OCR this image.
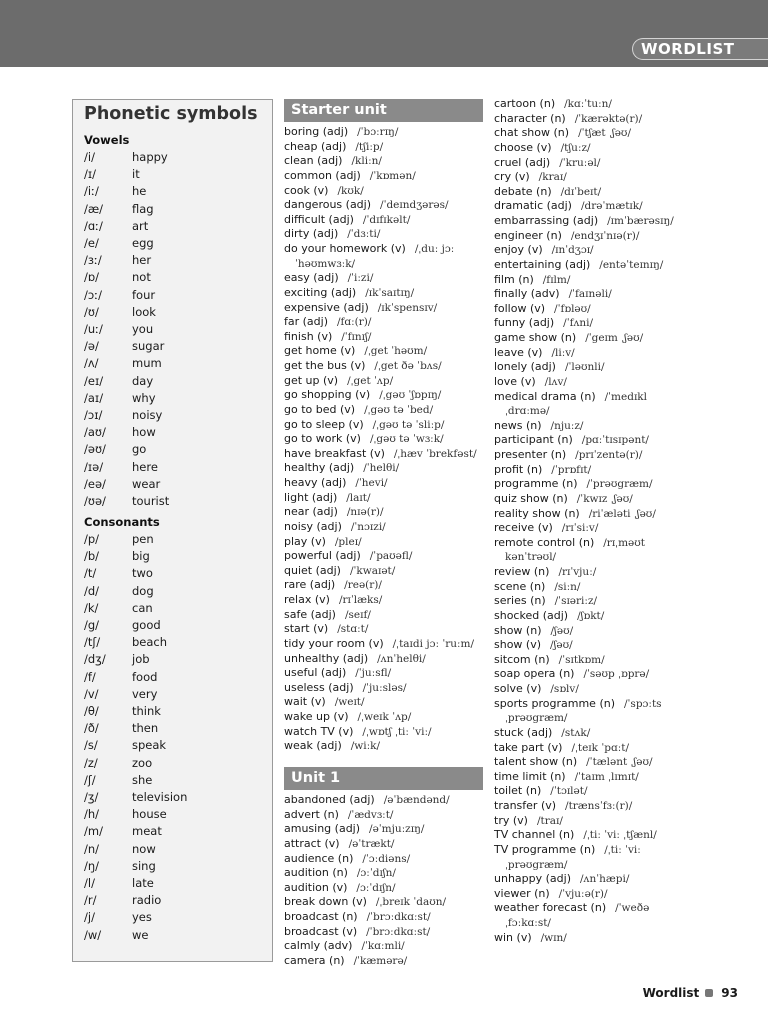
WORDLIST
Phonetic symbols
Vowels
/i/	happy
/ɪ/	it
/iː/	he
/æ/	flag
/ɑː/	art
/e/	egg
/ɜː/	her
/ɒ/	not
/ɔː/	four
/ʊ/	look
/uː/	you
/ə/	sugar
/ʌ/	mum
/eɪ/	day
/aɪ/	why
/ɔɪ/	noisy
/aʊ/ how
/əʊ/ go
/ɪə/	here
/eə/ wear
/ʊə/ tourist
Consonants
/p/	pen
/b/	big
/t/	two
/d/	dog
/k/	can
/g/	good
/tʃ/	beach
/dʒ/ job
/f/	food
/v/	very
/θ/	think
/ð/	then
/s/	speak
/z/	zoo
/ʃ/	she
/ʒ/	television
/h/	house
/m/	meat
/n/	now
/ŋ/	sing
/l/	late
/r/	radio
/j/	yes
/w/	we
Starter unit
boring (adj) /ˈbɔːrɪŋ/
cheap (adj) /tʃiːp/
clean (adj) /kliːn/
common (adj) /ˈkɒmən/
cook (v) /kʊk/
dangerous (adj) /ˈdeɪndʒərəs/
difficult (adj) /ˈdɪfɪkəlt/
dirty (adj) /ˈdɜːti/
do your homework (v) /ˌduː jɔː
ˈhəʊmwɜːk/
easy (adj) /ˈiːzi/
exciting (adj) /ɪkˈsaɪtɪŋ/
expensive (adj) /ɪkˈspensɪv/
far (adj) /fɑː(r)/
finish (v) /ˈfɪnɪʃ/
get home (v) /ˌget ˈhəʊm/
get the bus (v) /ˌget ðə ˈbʌs/
get up (v) /ˌget ˈʌp/
go shopping (v) /ˌgəʊ ˈʃɒpɪŋ/
go to bed (v) /ˌgəʊ tə ˈbed/
go to sleep (v) /ˌgəʊ tə ˈsliːp/
go to work (v) /ˌgəʊ tə ˈwɜːk/
have breakfast (v) /ˌhæv ˈbrekfəst/
healthy (adj) /ˈhelθi/
heavy (adj) /ˈhevi/
light (adj) /laɪt/
near (adj) /nɪə(r)/
noisy (adj) /ˈnɔɪzi/
play (v) /pleɪ/
powerful (adj) /ˈpaʊəfl/
quiet (adj) /ˈkwaɪət/
rare (adj) /reə(r)/
relax (v) /rɪˈlæks/
safe (adj) /seɪf/
start (v) /stɑːt/
tidy your room (v) /ˌtaɪdi jɔː ˈruːm/
unhealthy (adj) /ʌnˈhelθi/
useful (adj) /ˈjuːsfl/
useless (adj) /ˈjuːsləs/
wait (v) /weɪt/
wake up (v) /ˌweɪk ˈʌp/
watch TV (v) /ˌwɒtʃ ˌtiː ˈviː/
weak (adj) /wiːk/
Unit 1
abandoned (adj) /əˈbændənd/
advert (n) /ˈædvɜːt/
amusing (adj) /əˈmjuːzɪŋ/
attract (v) /əˈtrækt/
audience (n) /ˈɔːdiəns/
audition (n) /ɔːˈdɪʃn/
audition (v) /ɔːˈdɪʃn/
break down (v) /ˌbreɪk ˈdaʊn/
broadcast (n) /ˈbrɔːdkɑːst/
broadcast (v) /ˈbrɔːdkɑːst/
calmly (adv) /ˈkɑːmli/
camera (n) /ˈkæmərə/
cartoon (n) /kɑːˈtuːn/
character (n) /ˈkærəktə(r)/
chat show (n) /ˈtʃæt ˌʃəʊ/
choose (v) /tʃuːz/
cruel (adj) /ˈkruːəl/
cry (v) /kraɪ/
debate (n) /dɪˈbeɪt/
dramatic (adj) /drəˈmætɪk/
embarrassing (adj) /ɪmˈbærəsɪŋ/
engineer (n) /endʒɪˈnɪə(r)/
enjoy (v) /ɪnˈdʒɔɪ/
entertaining (adj) /entəˈteɪnɪŋ/
film (n) /fɪlm/
finally (adv) /ˈfaɪnəli/
follow (v) /ˈfɒləʊ/
funny (adj) /ˈfʌni/
game show (n) /ˈgeɪm ˌʃəʊ/
leave (v) /liːv/
lonely (adj) /ˈləʊnli/
love (v) /lʌv/
medical drama (n) /ˈmedɪkl
ˌdrɑːmə/
news (n) /njuːz/
participant (n) /pɑːˈtɪsɪpənt/
presenter (n) /prɪˈzentə(r)/
profit (n) /ˈprɒfɪt/
programme (n) /ˈprəʊgræm/
quiz show (n) /ˈkwɪz ˌʃəʊ/
reality show (n) /riˈæləti ˌʃəʊ/
receive (v) /rɪˈsiːv/
remote control (n) /rɪˌməʊt
kənˈtrəʊl/
review (n) /rɪˈvjuː/
scene (n) /siːn/
series (n) /ˈsɪəriːz/
shocked (adj) /ʃɒkt/
show (n) /ʃəʊ/
show (v) /ʃəʊ/
sitcom (n) /ˈsɪtkɒm/
soap opera (n) /ˈsəʊp ˌɒprə/
solve (v) /sɒlv/
sports programme (n) /ˈspɔːts
ˌprəʊgræm/
stuck (adj) /stʌk/
take part (v) /ˌteɪk ˈpɑːt/
talent show (n) /ˈtælənt ˌʃəʊ/
time limit (n) /ˈtaɪm ˌlɪmɪt/
toilet (n) /ˈtɔɪlət/
transfer (v) /trænsˈfɜː(r)/
try (v) /traɪ/
TV channel (n) /ˌtiː ˈviː ˌtʃænl/
TV programme (n) /ˌtiː ˈviː
ˌprəʊgræm/
unhappy (adj) /ʌnˈhæpi/
viewer (n) /ˈvjuːə(r)/
weather forecast (n) /ˈweðə
ˌfɔːkɑːst/
win (v) /wɪn/
Wordlist 93
